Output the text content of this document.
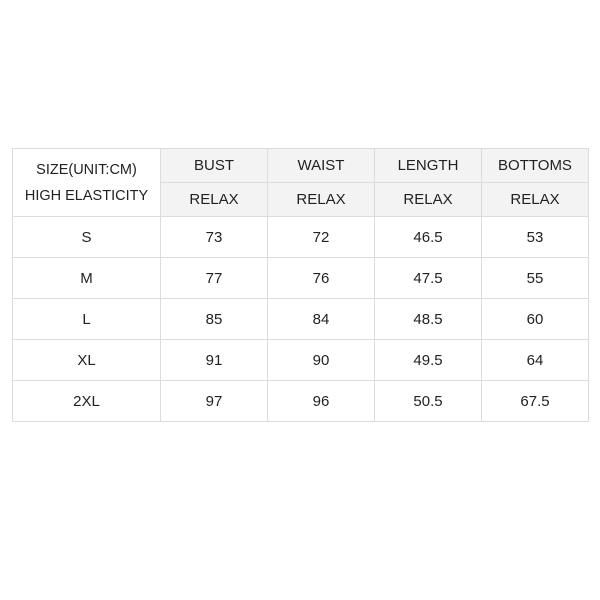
SIZE(UNIT:CM)
HIGH ELASTICITY	BUST	WAIST	LENGTH	BOTTOMS
	RELAX	RELAX	RELAX	RELAX
S	73	72	46.5	53
M	77	76	47.5	55
L	85	84	48.5	60
XL	91	90	49.5	64
2XL	97	96	50.5	67.5
